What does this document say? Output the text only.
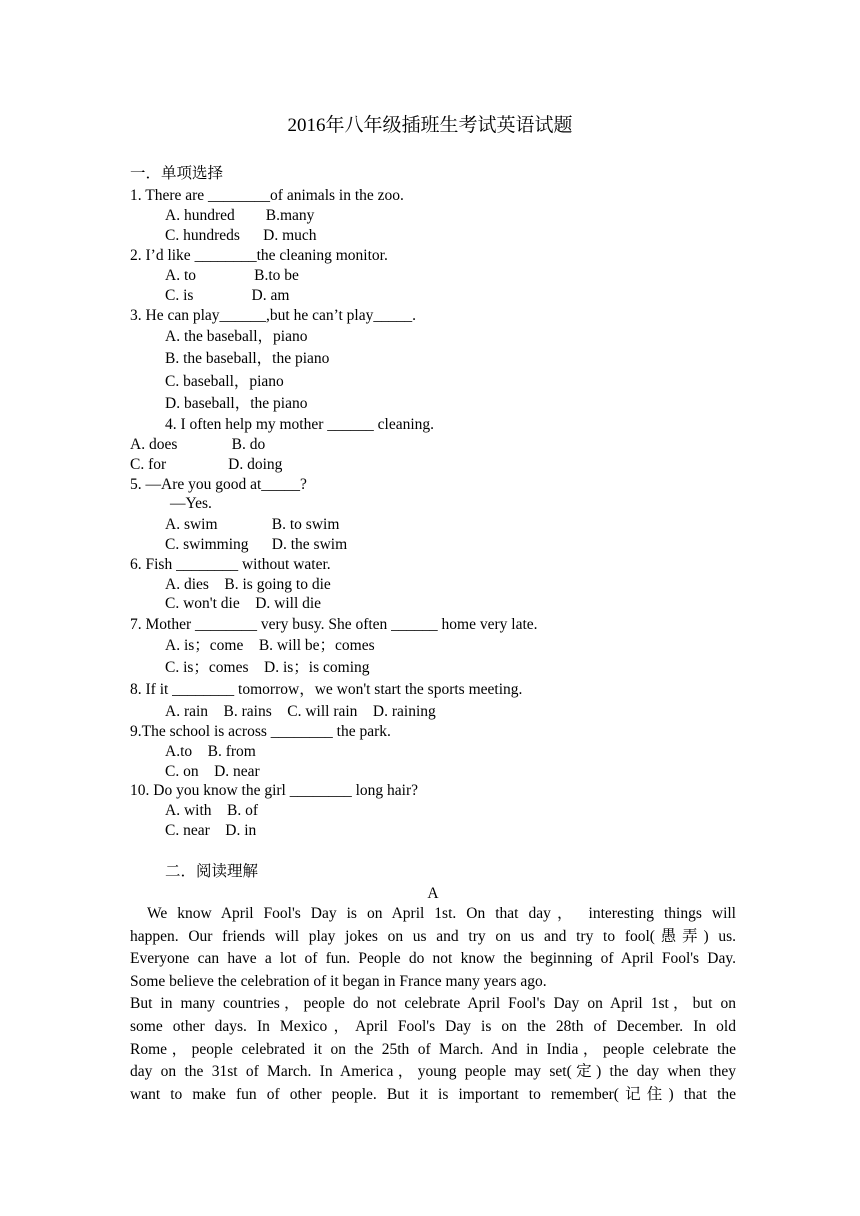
2016年八年级插班生考试英语试题
一．单项选择
1. There are ________of animals in the zoo.
A. hundred        B.many
C. hundreds      D. much
2. I’d like ________the cleaning monitor.
A. to               B.to be
C. is               D. am
3. He can play______,but he can’t play_____.
A. the baseball，piano
B. the baseball，the piano
C. baseball，piano
D. baseball，the piano
4. I often help my mother ______ cleaning.
A. does              B. do
C. for                D. doing
5. —Are you good at_____?
—Yes.
A. swim              B. to swim
C. swimming      D. the swim
6. Fish ________ without water.
A. dies    B. is going to die
C. won't die    D. will die
7. Mother ________ very busy. She often ______ home very late.
A. is；come    B. will be；comes
C. is；comes    D. is；is coming
8. If it ________ tomorrow，we won't start the sports meeting.
A. rain    B. rains    C. will rain    D. raining
9.The school is across ________ the park.
A.to    B. from
C. on    D. near
10. Do you know the girl ________ long hair?
A. with    B. of
C. near    D. in
二．阅读理解
A
We know April Fool's Day is on April 1st. On that day， interesting things will
happen. Our friends will play jokes on us and try on us and try to fool(愚弄) us.
Everyone can have a lot of fun. People do not know the beginning of April Fool's Day.
Some believe the celebration of it began in France many years ago.
But in many countries，people do not celebrate April Fool's Day on April 1st，but on
some other days. In Mexico，April Fool's Day is on the 28th of December. In old
Rome，people celebrated it on the 25th of March. And in India，people celebrate the
day on the 31st of March. In America，young people may set(定) the day when they
want to make fun of other people. But it is important to remember(记住) that the
